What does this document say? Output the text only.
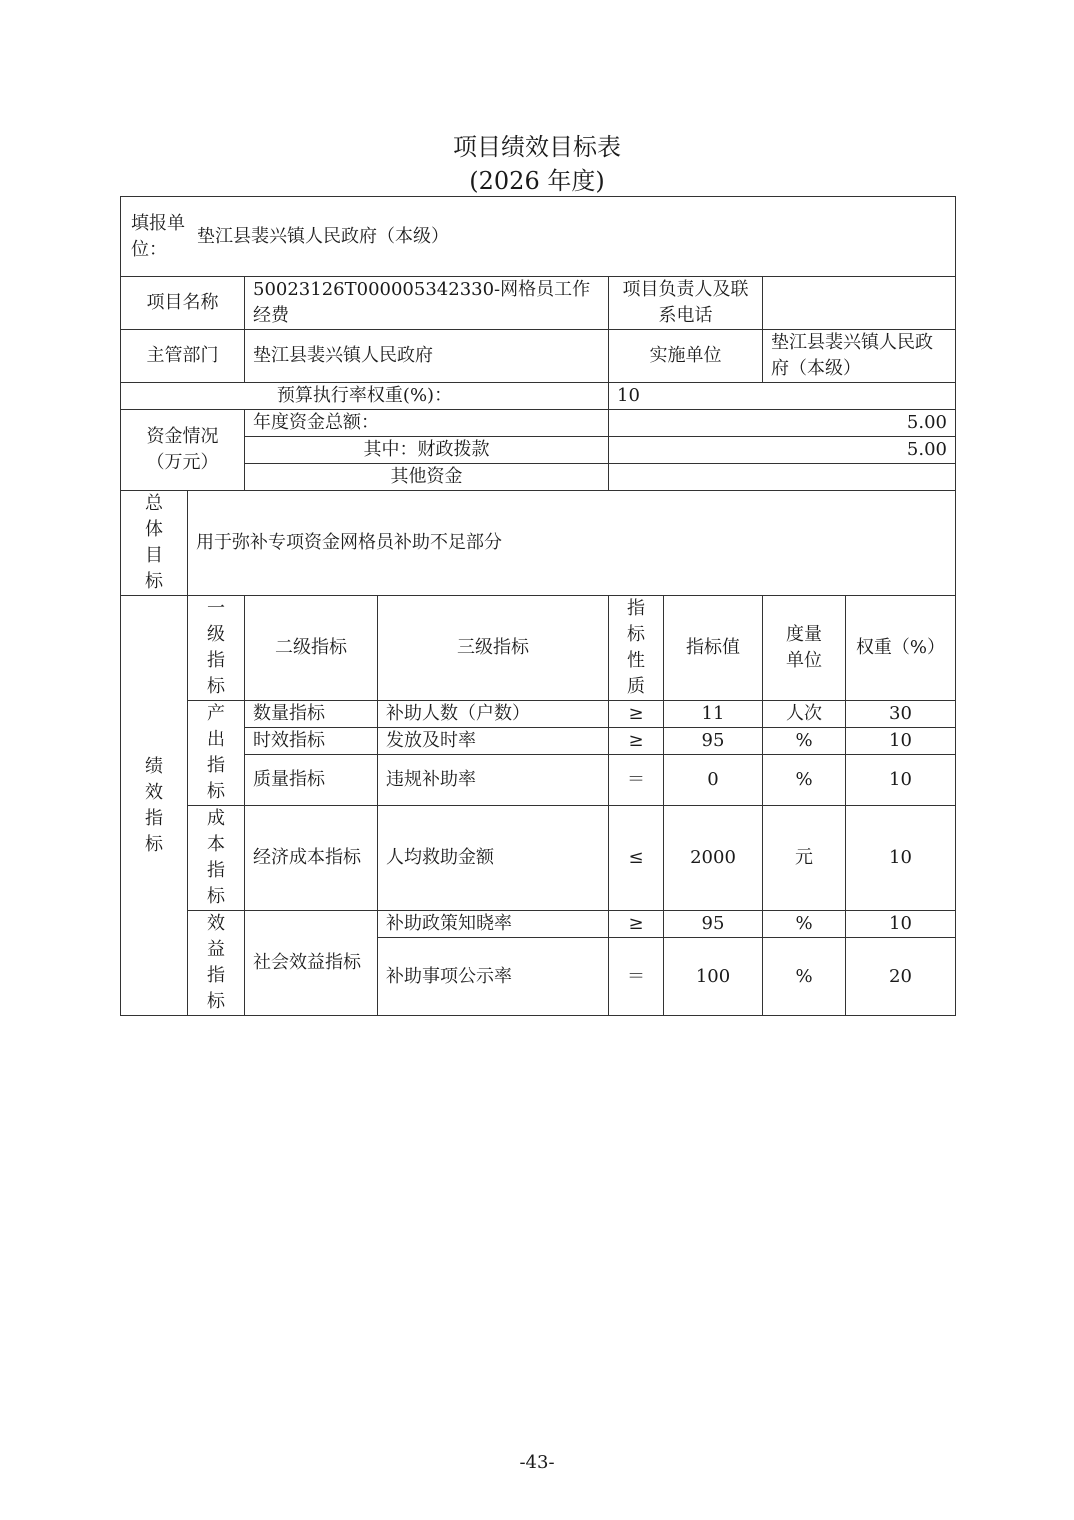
项目绩效目标表
(2026 年度)
填报单位：
垫江县裴兴镇人民政府（本级）							

项目名称		50023126T000005342330-网格员工作经费		项目负责人及联系电话			
主管部门		垫江县裴兴镇人民政府		实施单位		垫江县裴兴镇人民政府（本级）	
预算执行率权重(%)：				10			

资金情况（万元）		年度资金总额：		5.00			
		其中：财政拨款		5.00			
		其他资金					

总体目标	用于弥补专项资金网格员补助不足部分						

绩效指标	一级指标	二级指标	三级指标	指标性质	指标值	度量单位	权重（%）

	产出指标	数量指标	补助人数（户数）	≥	11	人次	30
		时效指标	发放及时率	≥	95	%	10
		质量指标	违规补助率	＝	0	%	10

	成本指标	经济成本指标	人均救助金额	≤	2000	元	10

	效益指标	社会效益指标	补助政策知晓率	≥	95	%	10
			补助事项公示率	＝	100	%	20
-43-
